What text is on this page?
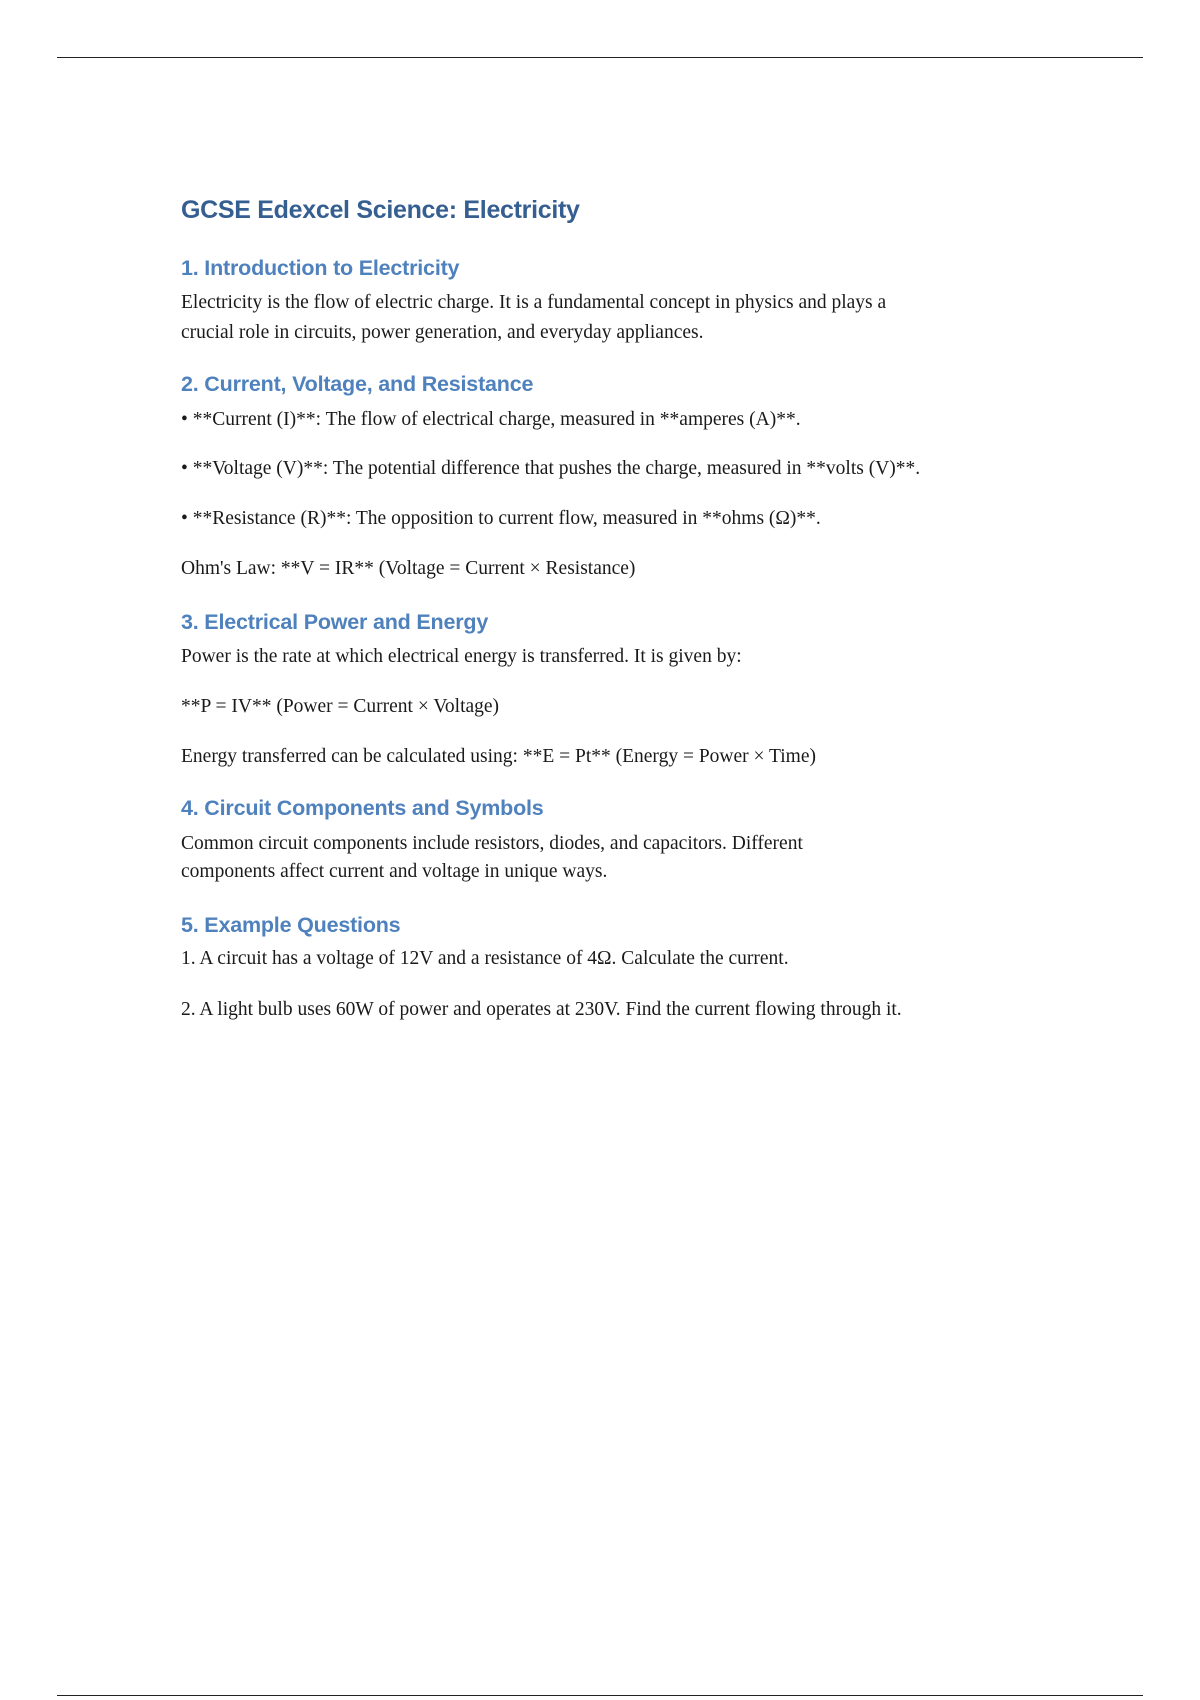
GCSE Edexcel Science: Electricity
1. Introduction to Electricity
Electricity is the flow of electric charge. It is a fundamental concept in physics and plays a
crucial role in circuits, power generation, and everyday appliances.
2. Current, Voltage, and Resistance
• **Current (I)**: The flow of electrical charge, measured in **amperes (A)**.
• **Voltage (V)**: The potential difference that pushes the charge, measured in **volts (V)**.
• **Resistance (R)**: The opposition to current flow, measured in **ohms (Ω)**.
Ohm's Law: **V = IR** (Voltage = Current × Resistance)
3. Electrical Power and Energy
Power is the rate at which electrical energy is transferred. It is given by:
**P = IV** (Power = Current × Voltage)
Energy transferred can be calculated using: **E = Pt** (Energy = Power × Time)
4. Circuit Components and Symbols
Common circuit components include resistors, diodes, and capacitors. Different
components affect current and voltage in unique ways.
5. Example Questions
1. A circuit has a voltage of 12V and a resistance of 4Ω. Calculate the current.
2. A light bulb uses 60W of power and operates at 230V. Find the current flowing through it.
